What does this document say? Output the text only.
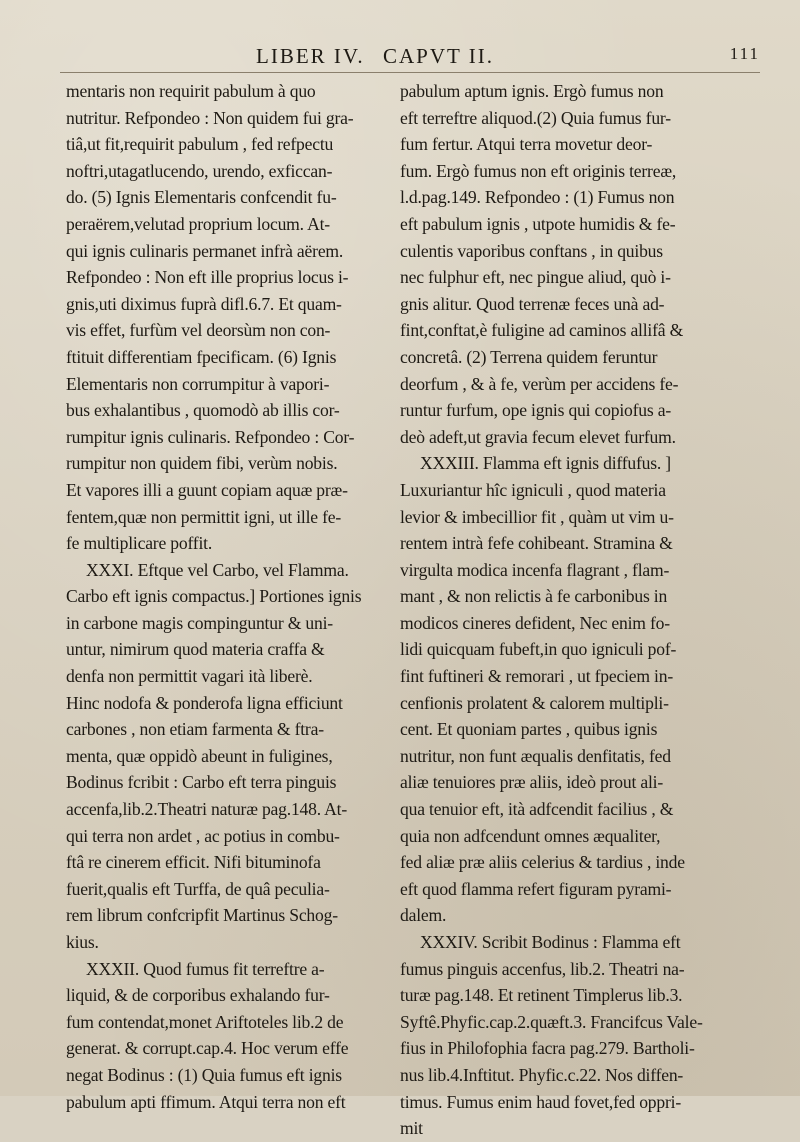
LIBER IV. CAPVT II.	111
mentaris non requirit pabulum à quo
nutritur. Refpondeo : Non quidem fui gra-
tiâ,ut fit,requirit pabulum , fed refpectu
noftri,utagatlucendo, urendo, exficcan-
do. (5) Ignis Elementaris confcendit fu-
peraërem,velutad proprium locum. At-
qui ignis culinaris permanet infrà aërem.
Refpondeo : Non eft ille proprius locus i-
gnis,uti diximus fuprà difl.6.7. Et quam-
vis effet, furfùm vel deorsùm non con-
ftituit differentiam fpecificam. (6) Ignis
Elementaris non corrumpitur à vapori-
bus exhalantibus , quomodò ab illis cor-
rumpitur ignis culinaris. Refpondeo : Cor-
rumpitur non quidem fibi, verùm nobis.
Et vapores illi a guunt copiam aquæ præ-
fentem,quæ non permittit igni, ut ille fe-
fe multiplicare poffit.
XXXI. Eftque vel Carbo, vel Flamma.
Carbo eft ignis compactus.] Portiones ignis
in carbone magis compinguntur & uni-
untur, nimirum quod materia craffa &
denfa non permittit vagari ità liberè.
Hinc nodofa & ponderofa ligna efficiunt
carbones , non etiam farmenta & ftra-
menta, quæ oppidò abeunt in fuligines,
Bodinus fcribit : Carbo eft terra pinguis
accenfa,lib.2.Theatri naturæ pag.148. At-
qui terra non ardet , ac potius in combu-
ftâ re cinerem efficit. Nifi bituminofa
fuerit,qualis eft Turffa, de quâ peculia-
rem librum confcripfit Martinus Schog-
kius.
XXXII. Quod fumus fit terreftre a-
liquid, & de corporibus exhalando fur-
fum contendat,monet Ariftoteles lib.2 de
generat. & corrupt.cap.4. Hoc verum effe
negat Bodinus : (1) Quia fumus eft ignis
pabulum apti ffimum. Atqui terra non eft
pabulum aptum ignis. Ergò fumus non
eft terreftre aliquod.(2) Quia fumus fur-
fum fertur. Atqui terra movetur deor-
fum. Ergò fumus non eft originis terreæ,
l.d.pag.149. Refpondeo : (1) Fumus non
eft pabulum ignis , utpote humidis & fe-
culentis vaporibus conftans , in quibus
nec fulphur eft, nec pingue aliud, quò i-
gnis alitur. Quod terrenæ feces unà ad-
fint,conftat,è fuligine ad caminos allifâ &
concretâ. (2) Terrena quidem feruntur
deorfum , & à fe, verùm per accidens fe-
runtur furfum, ope ignis qui copiofus a-
deò adeft,ut gravia fecum elevet furfum.
XXXIII. Flamma eft ignis diffufus. ]
Luxuriantur hîc igniculi , quod materia
levior & imbecillior fit , quàm ut vim u-
rentem intrà fefe cohibeant. Stramina &
virgulta modica incenfa flagrant , flam-
mant , & non relictis à fe carbonibus in
modicos cineres defident, Nec enim fo-
lidi quicquam fubeft,in quo igniculi pof-
fint fuftineri & remorari , ut fpeciem in-
cenfionis prolatent & calorem multipli-
cent. Et quoniam partes , quibus ignis
nutritur, non funt æqualis denfitatis, fed
aliæ tenuiores præ aliis, ideò prout ali-
qua tenuior eft, ità adfcendit facilius , &
quia non adfcendunt omnes æqualiter,
fed aliæ præ aliis celerius & tardius , inde
eft quod flamma refert figuram pyrami-
dalem.
XXXIV. Scribit Bodinus : Flamma eft
fumus pinguis accenfus, lib.2. Theatri na-
turæ pag.148. Et retinent Timplerus lib.3.
Syftê.Phyfic.cap.2.quæft.3. Francifcus Vale-
fius in Philofophia facra pag.279. Bartholi-
nus lib.4.Inftitut. Phyfic.c.22. Nos diffen-
timus. Fumus enim haud fovet,fed oppri-
mit
